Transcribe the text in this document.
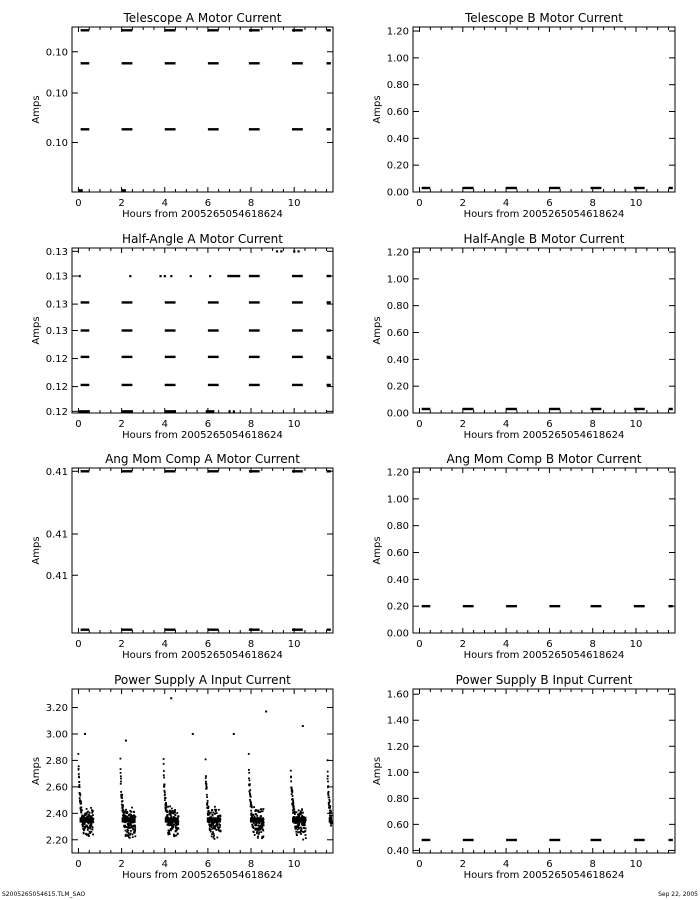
Telescope A Motor Current
0	2	4	6	8	10
0.10
0.10
0.10
Hours from 2005265054618624
Amps
Telescope B Motor Current
0	2	4	6	8	10
0.00
0.20
0.40
0.60
0.80
1.00
1.20
Hours from 2005265054618624
Amps
Half-Angle A Motor Current
0	2	4	6	8	10
0.12
0.12
0.12
0.13
0.13
0.13
0.13
Hours from 2005265054618624
Amps
Half-Angle B Motor Current
0	2	4	6	8	10
0.00
0.20
0.40
0.60
0.80
1.00
1.20
Hours from 2005265054618624
Amps
Ang Mom Comp A Motor Current
0	2	4	6	8	10
0.41
0.41
0.41
Hours from 2005265054618624
Amps
Ang Mom Comp B Motor Current
0	2	4	6	8	10
0.00
0.20
0.40
0.60
0.80
1.00
1.20
Hours from 2005265054618624
Amps
Power Supply A Input Current
0	2	4	6	8	10
2.20
2.40
2.60
2.80
3.00
3.20
Hours from 2005265054618624
Amps
Power Supply B Input Current
0	2	4	6	8	10
0.40
0.60
0.80
1.00
1.20
1.40
1.60
Hours from 2005265054618624
Amps
S2005265054615.TLM_SAO	Sep 22, 2005
